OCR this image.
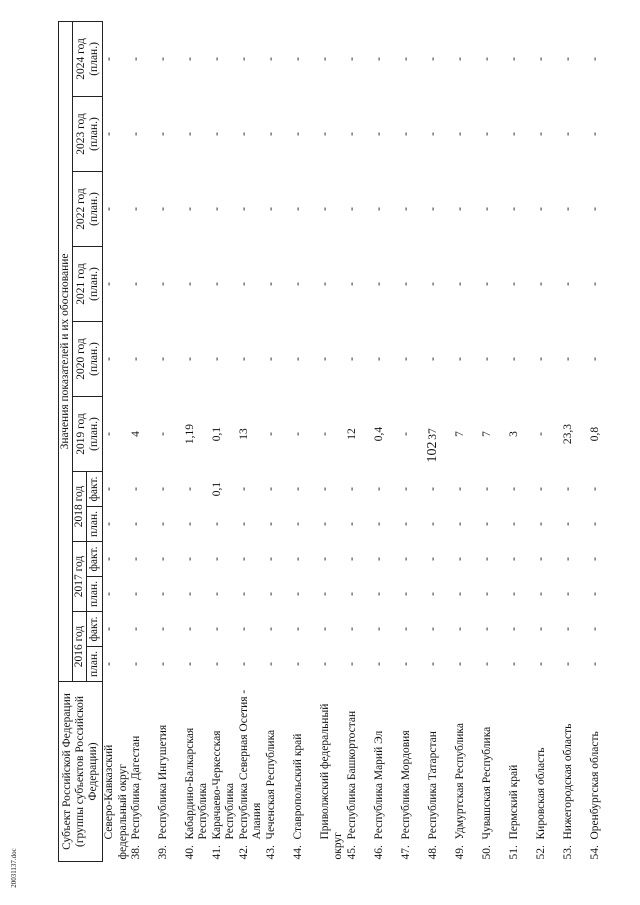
102
20031137.doc
Субъект Российской Федерации (группы субъектов Российской Федерации)	Значения показателей и их обоснование											
	2016 год		2017 год		2018 год		2019 год (план.)	2020 год (план.)	2021 год (план.)	2022 год (план.)	2023 год (план.)	2024 год (план.)
	план.	факт.	план.	факт.	план.	факт.						
Северо-Кавказский федеральный округ	-	-	-	-	-	-	-	-	-	-	-	-
38.Республика Дагестан	-	-	-	-	-	-	4	-	-	-	-	-
39.Республика Ингушетия	-	-	-	-	-	-	-	-	-	-	-	-
40.Кабардино-Балкарская Республика	-	-	-	-	-	-	1,19	-	-	-	-	-
41.Карачаево-Черкесская Республика	-	-	-	-	-	0,1	0,1	-	-	-	-	-
42.Республика Северная Осетия - Алания	-	-	-	-	-	-	13	-	-	-	-	-
43.Чеченская Республика	-	-	-	-	-	-	-	-	-	-	-	-
44.Ставропольский край	-	-	-	-	-	-	-	-	-	-	-	-
Приволжский федеральный округ	-	-	-	-	-	-	-	-	-	-	-	-
45.Республика Башкортостан	-	-	-	-	-	-	12	-	-	-	-	-
46.Республика Марий Эл	-	-	-	-	-	-	0,4	-	-	-	-	-
47.Республика Мордовия	-	-	-	-	-	-	-	-	-	-	-	-
48.Республика Татарстан	-	-	-	-	-	-	37	-	-	-	-	-
49.Удмуртская Республика	-	-	-	-	-	-	7	-	-	-	-	-
50.Чувашская Республика	-	-	-	-	-	-	7	-	-	-	-	-
51.Пермский край	-	-	-	-	-	-	3	-	-	-	-	-
52.Кировская область	-	-	-	-	-	-	-	-	-	-	-	-
53.Нижегородская область	-	-	-	-	-	-	23,3	-	-	-	-	-
54.Оренбургская область	-	-	-	-	-	-	0,8	-	-	-	-	-
